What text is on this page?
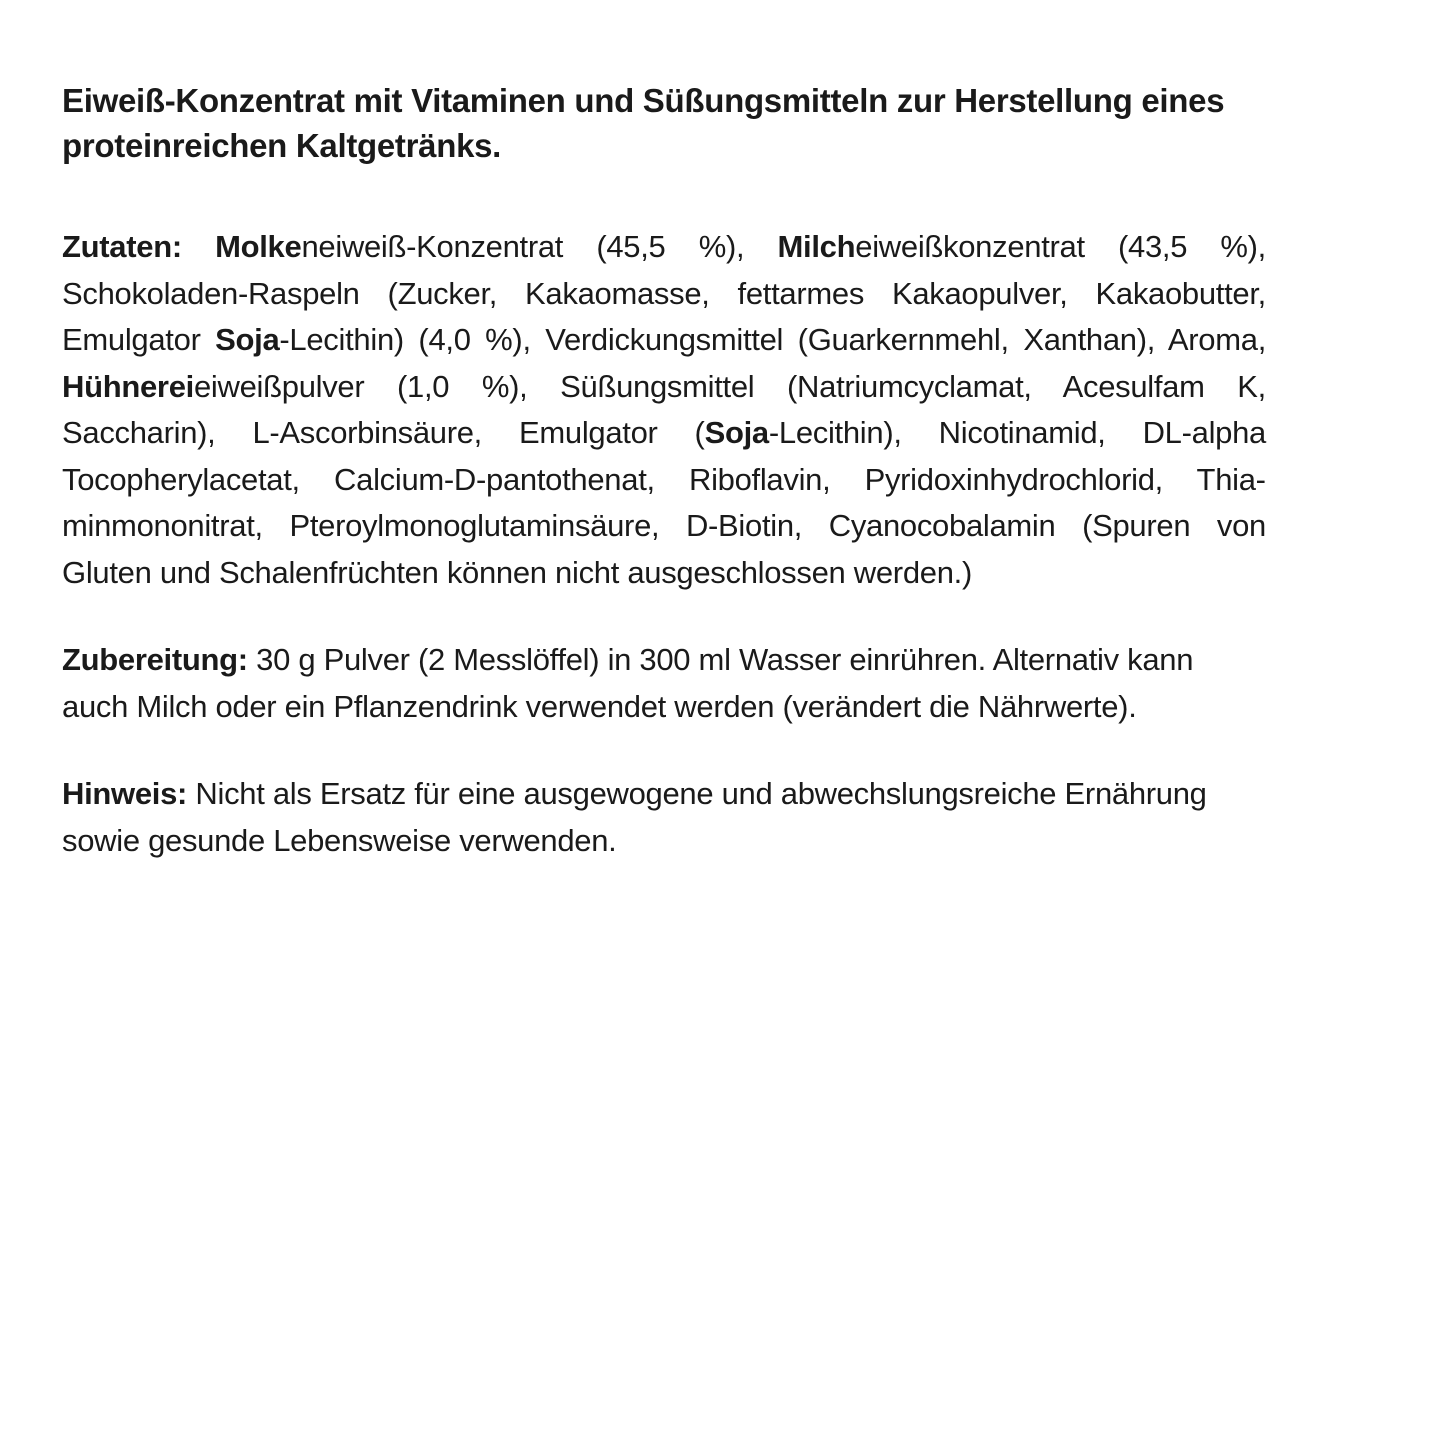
Eiweiß-Konzentrat mit Vitaminen und Süßungsmitteln zur Herstellung eines proteinreichen Kaltgetränks.

Zutaten: Molkeneiweiß-Konzentrat (45,5 %), Milcheiweißkonzentrat (43,5 %), Schokoladen-Raspeln (Zucker, Kakaomasse, fettarmes Kakaopulver, Kakaobutter, Emulgator Soja-Lecithin) (4,0 %), Verdickungsmittel (Guarkernmehl, Xanthan), Aroma, Hühnereieiweißpulver (1,0 %), Süßungsmittel (Natriumcyclamat, Acesulfam K, Saccharin), L-Ascorbinsäure, Emulgator (Soja-Lecithin), Nicotinamid, DL-alpha Tocopherylacetat, Calcium-D-pantothenat, Riboflavin, Pyridoxinhydrochlorid, Thiaminmononitrat, Pteroylmonoglutaminsäure, D-Biotin, Cyanocobalamin (Spuren von Gluten und Schalenfrüchten können nicht ausgeschlossen werden.)

Zubereitung: 30 g Pulver (2 Messlöffel) in 300 ml Wasser einrühren. Alternativ kann auch Milch oder ein Pflanzendrink verwendet werden (verändert die Nährwerte).

Hinweis: Nicht als Ersatz für eine ausgewogene und abwechslungsreiche Ernährung sowie gesunde Lebensweise verwenden.
